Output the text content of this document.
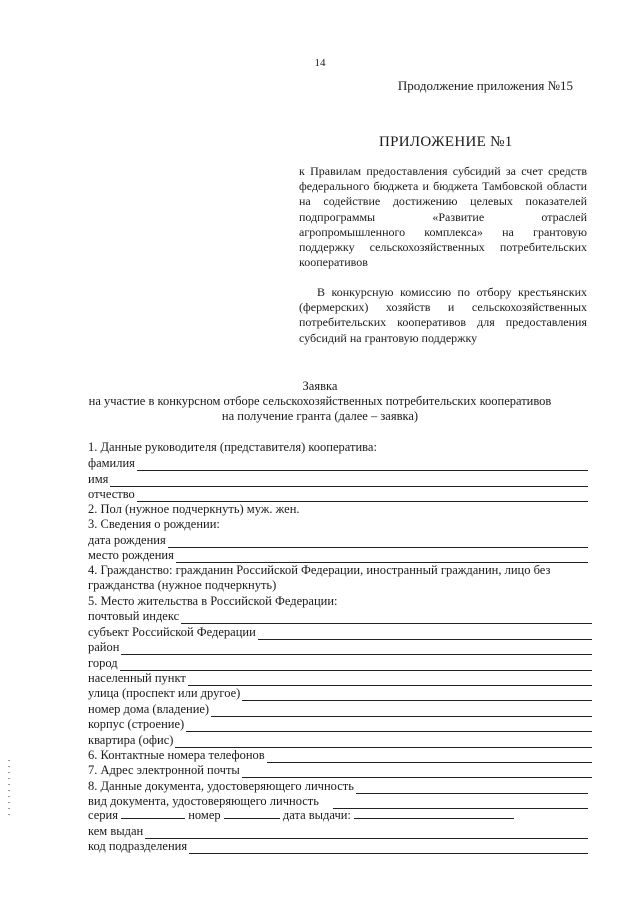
14
Продолжение приложения №15
ПРИЛОЖЕНИЕ №1
к Правилам предоставления субсидий за счет средств федерального бюджета и бюджета Тамбовской области на содействие достижению целевых показателей подпрограммы «Развитие	отраслей агропромышленного комплекса» на грантовую поддержку сельскохозяйственных потребительских кооперативов
В конкурсную комиссию по отбору крестьянских (фермерских) хозяйств и сельскохозяйственных потребительских кооперативов для предоставления субсидий на грантовую поддержку
Заявка
на участие в конкурсном отборе сельскохозяйственных потребительских кооперативов
на получение гранта (далее – заявка)
1. Данные руководителя (представителя) кооператива:
фамилия
имя
отчество
2. Пол (нужное подчеркнуть) муж. жен.
3. Сведения о рождении:
дата рождения
место рождения
4. Гражданство: гражданин Российской Федерации, иностранный гражданин, лицо без
гражданства (нужное подчеркнуть)
5. Место жительства в Российской Федерации:
почтовый индекс
субъект Российской Федерации
район
город
населенный пункт
улица (проспект или другое)
номер дома (владение)
корпус (строение)
квартира (офис)
6. Контактные номера телефонов
7. Адрес электронной почты
8. Данные документа, удостоверяющего личность
вид документа, удостоверяющего личность
серия	номер	дата выдачи:
кем выдан
код подразделения
